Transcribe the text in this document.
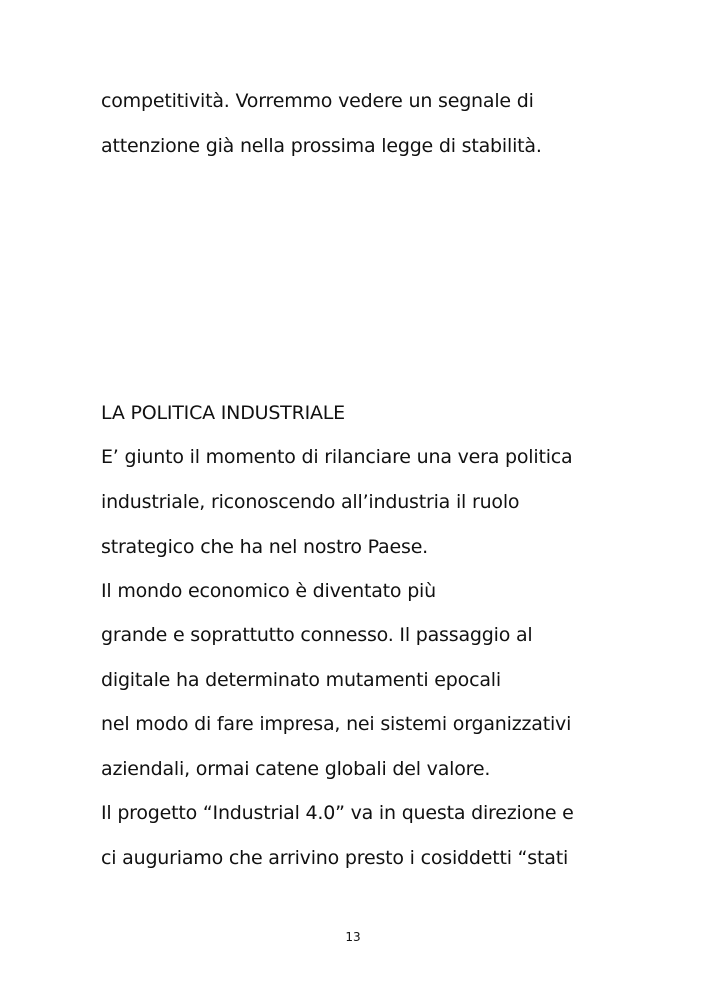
competitività. Vorremmo vedere un segnale di
attenzione già nella prossima legge di stabilità.
LA POLITICA INDUSTRIALE
E’ giunto il momento di rilanciare una vera politica
industriale, riconoscendo all’industria il ruolo
strategico che ha nel nostro Paese.
Il mondo economico è diventato più
grande e soprattutto connesso. Il passaggio al
digitale ha determinato mutamenti epocali
nel modo di fare impresa, nei sistemi organizzativi
aziendali, ormai catene globali del valore.
Il progetto “Industrial 4.0” va in questa direzione e
ci auguriamo che arrivino presto i cosiddetti “stati
13
